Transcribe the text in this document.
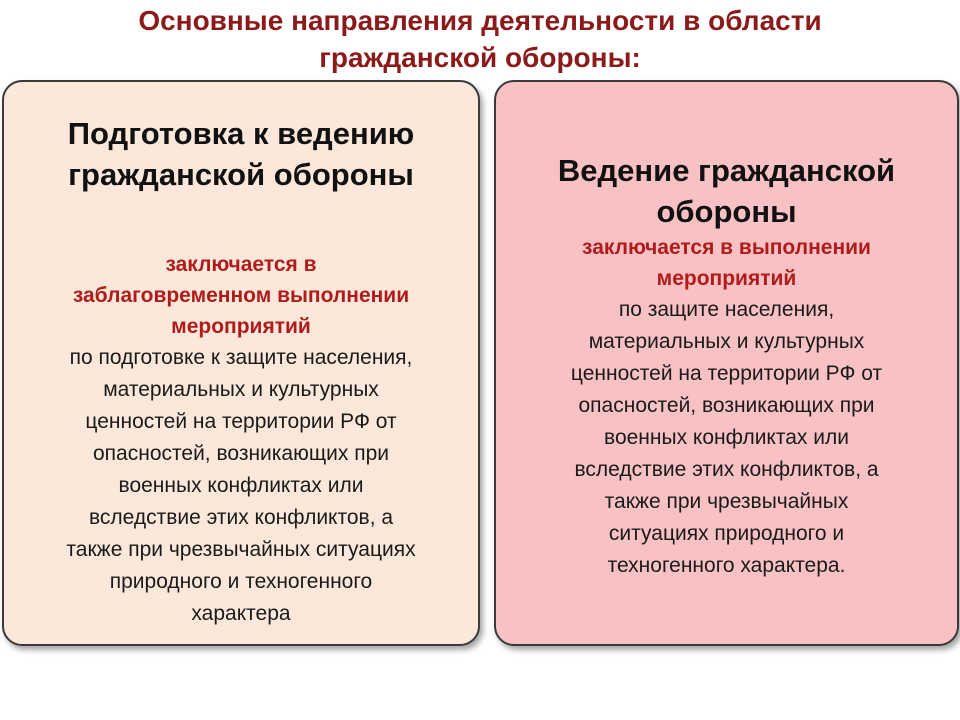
Основные направления деятельности в области
гражданской обороны:
Подготовка к ведению
гражданской обороны
заключается в
заблаговременном выполнении
мероприятий
по подготовке к защите населения,
материальных и культурных
ценностей на территории РФ от
опасностей, возникающих при
военных конфликтах или
вследствие этих конфликтов, а
также при чрезвычайных ситуациях
природного и техногенного
характера
Ведение гражданской
обороны
заключается в выполнении
мероприятий
по защите населения,
материальных и культурных
ценностей на территории РФ от
опасностей, возникающих при
военных конфликтах или
вследствие этих конфликтов, а
также при чрезвычайных
ситуациях природного и
техногенного характера.
